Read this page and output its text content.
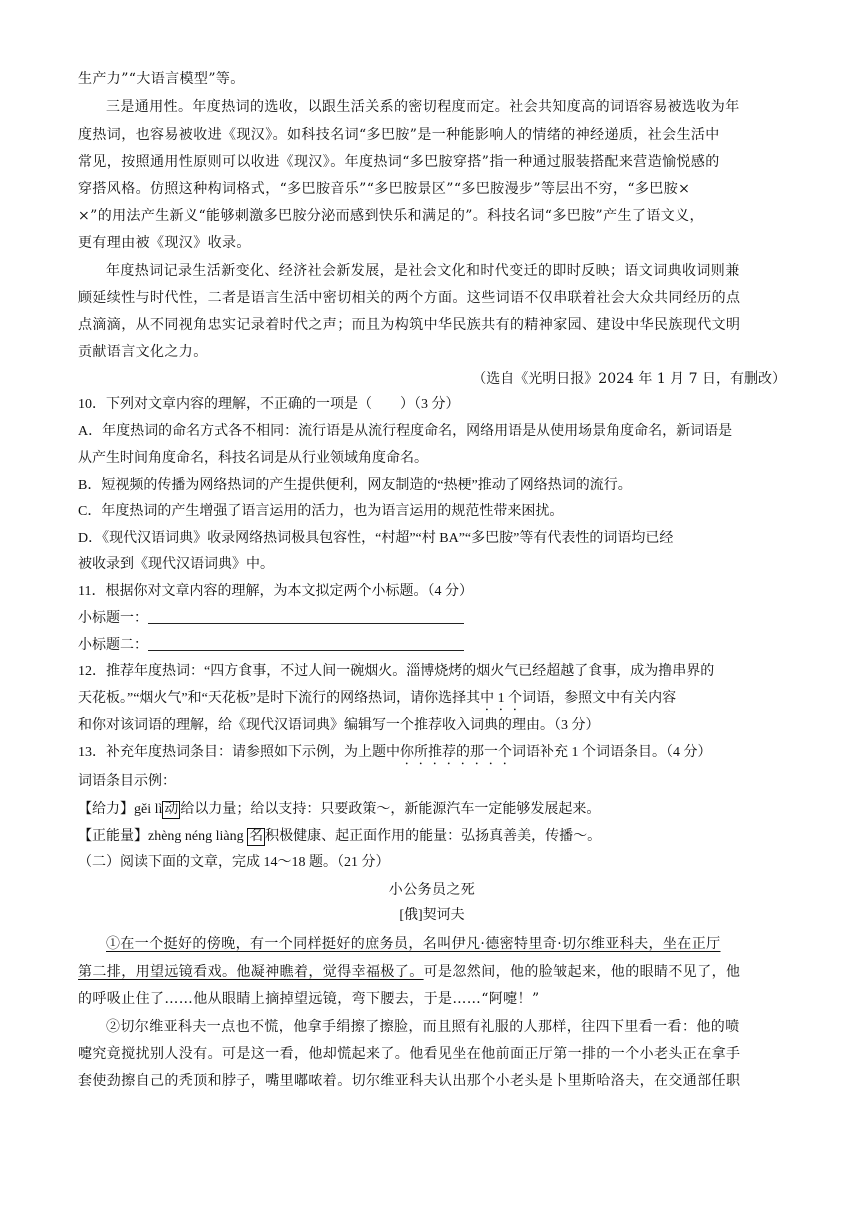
生产力”“大语言模型”等。
三是通用性。年度热词的选收，以跟生活关系的密切程度而定。社会共知度高的词语容易被选收为年
度热词，也容易被收进《现汉》。如科技名词“多巴胺”是一种能影响人的情绪的神经递质，社会生活中
常见，按照通用性原则可以收进《现汉》。年度热词“多巴胺穿搭”指一种通过服装搭配来营造愉悦感的
穿搭风格。仿照这种构词格式，“多巴胺音乐”“多巴胺景区”“多巴胺漫步”等层出不穷，“多巴胺×
×”的用法产生新义“能够刺激多巴胺分泌而感到快乐和满足的”。科技名词“多巴胺”产生了语文义，
更有理由被《现汉》收录。
年度热词记录生活新变化、经济社会新发展，是社会文化和时代变迁的即时反映；语文词典收词则兼
顾延续性与时代性，二者是语言生活中密切相关的两个方面。这些词语不仅串联着社会大众共同经历的点
点滴滴，从不同视角忠实记录着时代之声；而且为构筑中华民族共有的精神家园、建设中华民族现代文明
贡献语言文化之力。
（选自《光明日报》2024 年 1 月 7 日，有删改）
10．下列对文章内容的理解，不正确的一项是（　　）（3 分）
A．年度热词的命名方式各不相同：流行语是从流行程度命名，网络用语是从使用场景角度命名，新词语是
从产生时间角度命名，科技名词是从行业领域角度命名。
B．短视频的传播为网络热词的产生提供便利，网友制造的“热梗”推动了网络热词的流行。
C．年度热词的产生增强了语言运用的活力，也为语言运用的规范性带来困扰。
D．《现代汉语词典》收录网络热词极具包容性，“村超”“村 BA”“多巴胺”等有代表性的词语均已经
被收录到《现代汉语词典》中。
11．根据你对文章内容的理解，为本文拟定两个小标题。（4 分）
小标题一：
小标题二：
12．推荐年度热词：“四方食事，不过人间一碗烟火。淄博烧烤的烟火气已经超越了食事，成为撸串界的
天花板。”“烟火气”和“天花板”是时下流行的网络热词，请你选择其中 1 个词语，参照文中有关内容
和你对该词语的理解，给《现代汉语词典》编辑写一个推荐收入词典的理由。（3 分）
13．补充年度热词条目：请参照如下示例，为上题中你所推荐的那一个词语补充 1 个词语条目。（4 分）
词语条目示例：
【给力】gěi lì 动 给以力量；给以支持：只要政策～，新能源汽车一定能够发展起来。
【正能量】zhèng néng liàng 名 积极健康、起正面作用的能量：弘扬真善美，传播～。
（二）阅读下面的文章，完成 14～18 题。（21 分）
小公务员之死
[俄]契诃夫
①在一个挺好的傍晚，有一个同样挺好的庶务员，名叫伊凡·德密特里奇·切尔维亚科夫，坐在正厅
第二排，用望远镜看戏。他凝神瞧着，觉得幸福极了。可是忽然间，他的脸皱起来，他的眼睛不见了，他
的呼吸止住了……他从眼睛上摘掉望远镜，弯下腰去，于是……“阿嚏！”
②切尔维亚科夫一点也不慌，他拿手绢擦了擦脸，而且照有礼服的人那样，往四下里看一看：他的喷
嚏究竟搅扰别人没有。可是这一看，他却慌起来了。他看见坐在他前面正厅第一排的一个小老头正在拿手
套使劲擦自己的秃顶和脖子，嘴里嘟哝着。切尔维亚科夫认出那个小老头是卜里斯哈洛夫，在交通部任职
